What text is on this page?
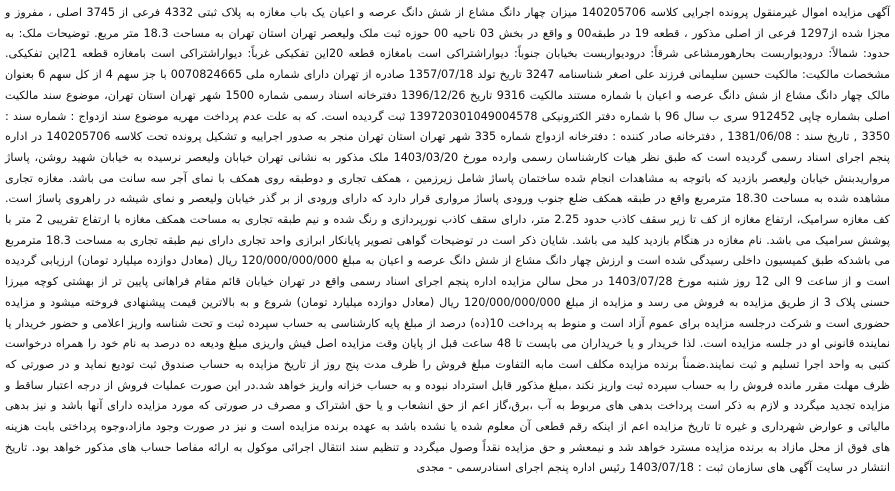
آگهی مزایده اموال غیرمنقول پرونده اجرایی کلاسه 140205706 میزان چهار دانگ مشاع از شش دانگ عرصه و اعیان یک باب مغازه به پلاک ثبتی 4332 فرعی از 3745 اصلی ، مفروز و مجزا شده از1297 فرعی از اصلی مذکور ، قطعه 19 در طبقه00 و واقع در بخش 03 ناحیه 00 حوزه ثبت ملک ولیعصر تهران استان تهران به مساحت 18.3 متر مربع. توضیحات ملک: به حدود: شمالاً: درودیواربست بحارهورمشاعی شرقاً: درودیواربست بخیابان جنوباً: دیواراشتراکی است بامغازه قطعه 20این تفکیکی غرباً: دیواراشتراکی است بامغازه قطعه 21این تفکیکی. مشخصات مالکیت: مالکیت حسین سلیمانی فرزند علی اصغر شناسنامه 3247 تاریخ تولد 1357/07/18 صادره از تهران دارای شماره ملی 0070824665 با جز سهم 4 از کل سهم 6 بعنوان مالک چهار دانگ مشاع از شش دانگ عرصه و اعیان با شماره مستند مالکیت 9316 تاریخ 1396/12/26 دفترخانه اسناد رسمی شماره 1500 شهر تهران استان تهران، موضوع سند مالکیت اصلی بشماره چاپی 912452 سری ب سال 96 با شماره دفتر الکترونیکی 139720301049004578 ثبت گردیده است. که به علت عدم پرداخت مهریه موضوع سند ازدواج : شماره سند : 3350 , تاریخ سند : 1381/06/08 , دفترخانه صادر کننده : دفترخانه ازدواج شماره 335 شهر تهران استان تهران منجر به صدور اجراییه و تشکیل پرونده تحت کلاسه 140205706 در اداره پنجم اجرای اسناد رسمی گردیده است که طبق نظر هیات کارشناسان رسمی وارده مورخ 1403/03/20 ملک مذکور به نشانی تهران خیابان ولیعصر نرسیده به خیابان شهید روشن، پاساژ مرواریدبنش خیابان ولیعصر بازدید که باتوجه به مشاهدات انجام شده ساختمان پاساژ شامل زیرزمین ، همکف تجاری و دوطبقه روی همکف با نمای آجر سه سانت می باشد. مغازه تجاری مشاهده شده به مساحت 18.30 مترمربع واقع در طبقه همکف ضلع جنوب ورودی پاساژ مرواری قرار دارد که دارای ورودی از بر گذر خیابان ولیعصر و نمای شیشه در راهروی پاساژ است. کف مغازه سرامیک، ارتفاع مغازه از کف تا زیر سقف کاذب حدود 2.25 متر، دارای سقف کاذب نورپردازی و رنگ شده و نیم طبقه تجاری به مساحت همکف مغازه با ارتفاع تقریبی 2 متر با پوشش سرامیک می باشد. نام مغازه در هنگام بازدید کلید می باشد. شایان ذکر است در توضیحات گواهی تصویر پایانکار ابرازی واحد تجاری دارای نیم طبقه تجاری به مساحت 18.3 مترمربع می باشدکه طبق کمیسیون داخلی رسیدگی شده است و ارزش چهار دانگ مشاع از شش دانگ عرصه و اعیان به مبلغ 120/000/000/000 ریال (معادل دوازده میلیارد تومان) ارزیابی گردیده است و از ساعت 9 الی 12 روز شنبه مورخ 1403/07/28 در محل سالن مزایده اداره پنجم اجرای اسناد رسمی واقع در تهران خیابان قائم مقام فراهانی پایین تر از بهشتی کوچه میرزا حسنی پلاک 3 از طریق مزایده به فروش می رسد و مزایده از مبلغ 120/000/000/000 ریال (معادل دوازده میلیارد تومان) شروع و به بالاترین قیمت پیشنهادی فروخته میشود و مزایده حضوری است و شرکت درجلسه مزایده برای عموم آزاد است و منوط به پرداخت 10(ده) درصد از مبلغ پایه کارشناسی به حساب سپرده ثبت و تحت شناسه واریز اعلامی و حضور خریدار یا نماینده قانونی او در جلسه مزایده است. لذا خریدار و یا خریداران می بایست تا 48 ساعت قبل از پایان وقت مزایده اصل فیش واریزی مبلغ ودیعه ده درصد به نام خود را همراه درخواست کتبی به واحد اجرا تسلیم و ثبت نمایند.ضمناً برنده مزایده مکلف است مابه التفاوت مبلغ فروش را ظرف مدت پنج روز از تاریخ مزایده به حساب صندوق ثبت تودیع نماید و در صورتی که ظرف مهلت مقرر مانده فروش را به حساب سپرده ثبت واریز نکند ،مبلغ مذکور قابل استرداد نبوده و به حساب خزانه واریز خواهد شد.در این صورت عملیات فروش از درجه اعتبار ساقط و مزایده تجدید میگردد و لازم به ذکر است پرداخت بدهی های مربوط به آب ،برق،گاز اعم از حق انشعاب و یا حق اشتراک و مصرف در صورتی که مورد مزایده دارای آنها باشد و نیز بدهی مالیاتی و عوارض شهرداری و غیره تا تاریخ مزایده اعم از اینکه رقم قطعی آن معلوم شده یا نشده باشد به عهده برنده مزایده است و نیز در صورت وجود مازاد،وجوه پرداختی بابت هزینه های فوق از محل مازاد به برنده مزایده مسترد خواهد شد و نیمعشر و حق مزایده نقداً وصول میگردد و تنظیم سند انتقال اجرائی موکول به ارائه مفاصا حساب های مذکور خواهد بود. تاریخ انتشار در سایت آگهی های سازمان ثبت : 1403/07/18 رئیس اداره پنجم اجرای اسنادرسمی - مجدی
